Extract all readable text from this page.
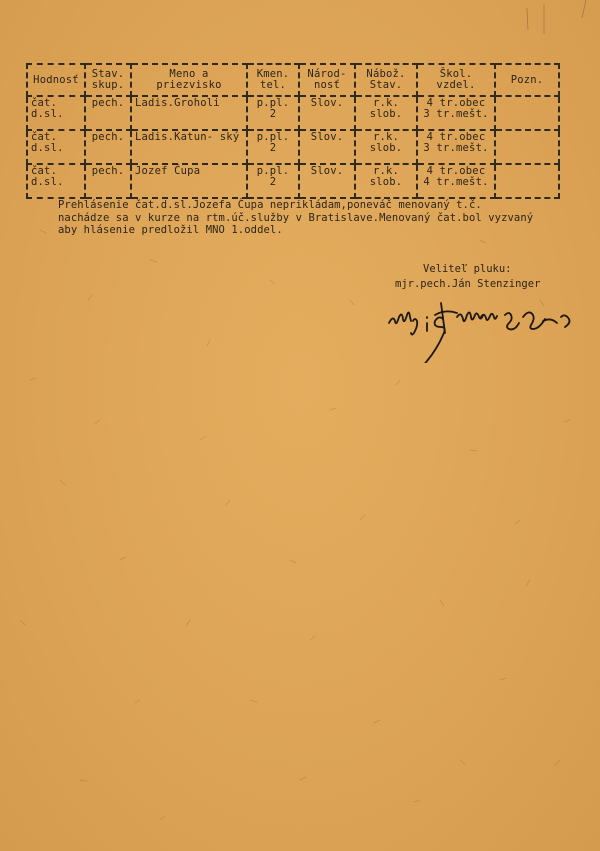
Hodnosť	Stav. skup.	Meno a priezvisko	Kmen. tel.	Národ- nosť	Nábož. Stav.	Škol. vzdel.	Pozn.
čat. d.sl.	pech.	Ladis.Groholi	p.pl. 2	Slov.	r.k. slob.	4 tr.obec 3 tr.mešt.	
čat. d.sl.	pech.	Ladis.Katun- ský	p.pl. 2	Slov.	r.k. slob.	4 tr.obec 3 tr.mešt.	
čat. d.sl.	pech.	Jozef Čupa	p.pl. 2	Slov.	r.k. slob.	4 tr.obec 4 tr.mešt.	
Prehlásenie čat.d.sl.Jozefa Čupa neprikládam,poneváč menovaný t.č.
nachádze sa v kurze na rtm.úč.služby v Bratislave.Menovaný čat.bol vyzvaný
aby hlásenie predložil MNO 1.oddel.
Veliteľ pluku:
mjr.pech.Ján Stenzinger
